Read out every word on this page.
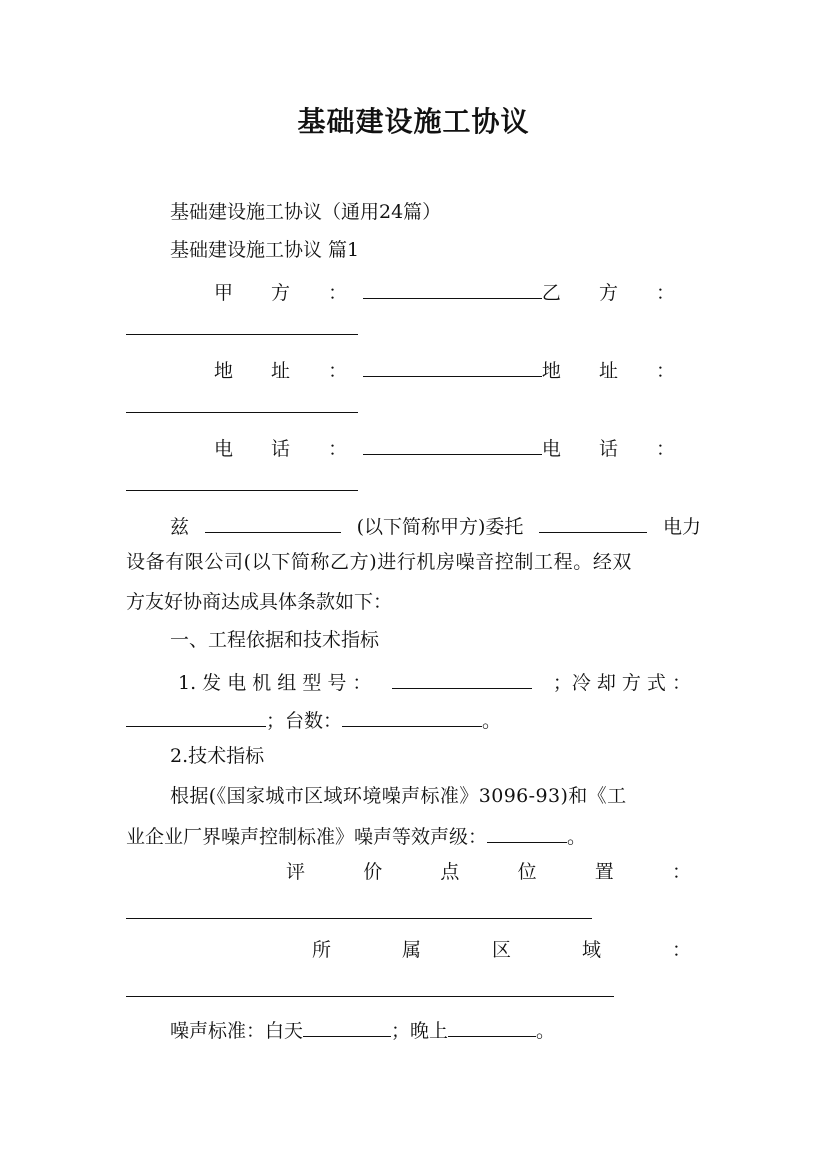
基础建设施工协议
基础建设施工协议（通用24篇）
基础建设施工协议 篇1
甲 方 ：	乙 方 ：
地 址 ：	地 址 ：
电 话 ：	电 话 ：
兹	(以下简称甲方)委托	电力
设备有限公司(以下简称乙方)进行机房噪音控制工程。经双
方友好协商达成具体条款如下：
一、工程依据和技术指标
1. 发 电 机 组 型 号 ：	；冷 却 方 式 ：
；台数：	。
2.技术指标
根据(《国家城市区域环境噪声标准》3096-93)和《工
业企业厂界噪声控制标准》噪声等效声级：	。
评	价	点	位	置	：
所	属	区	域	：
噪声标准：白天	；晚上	。
